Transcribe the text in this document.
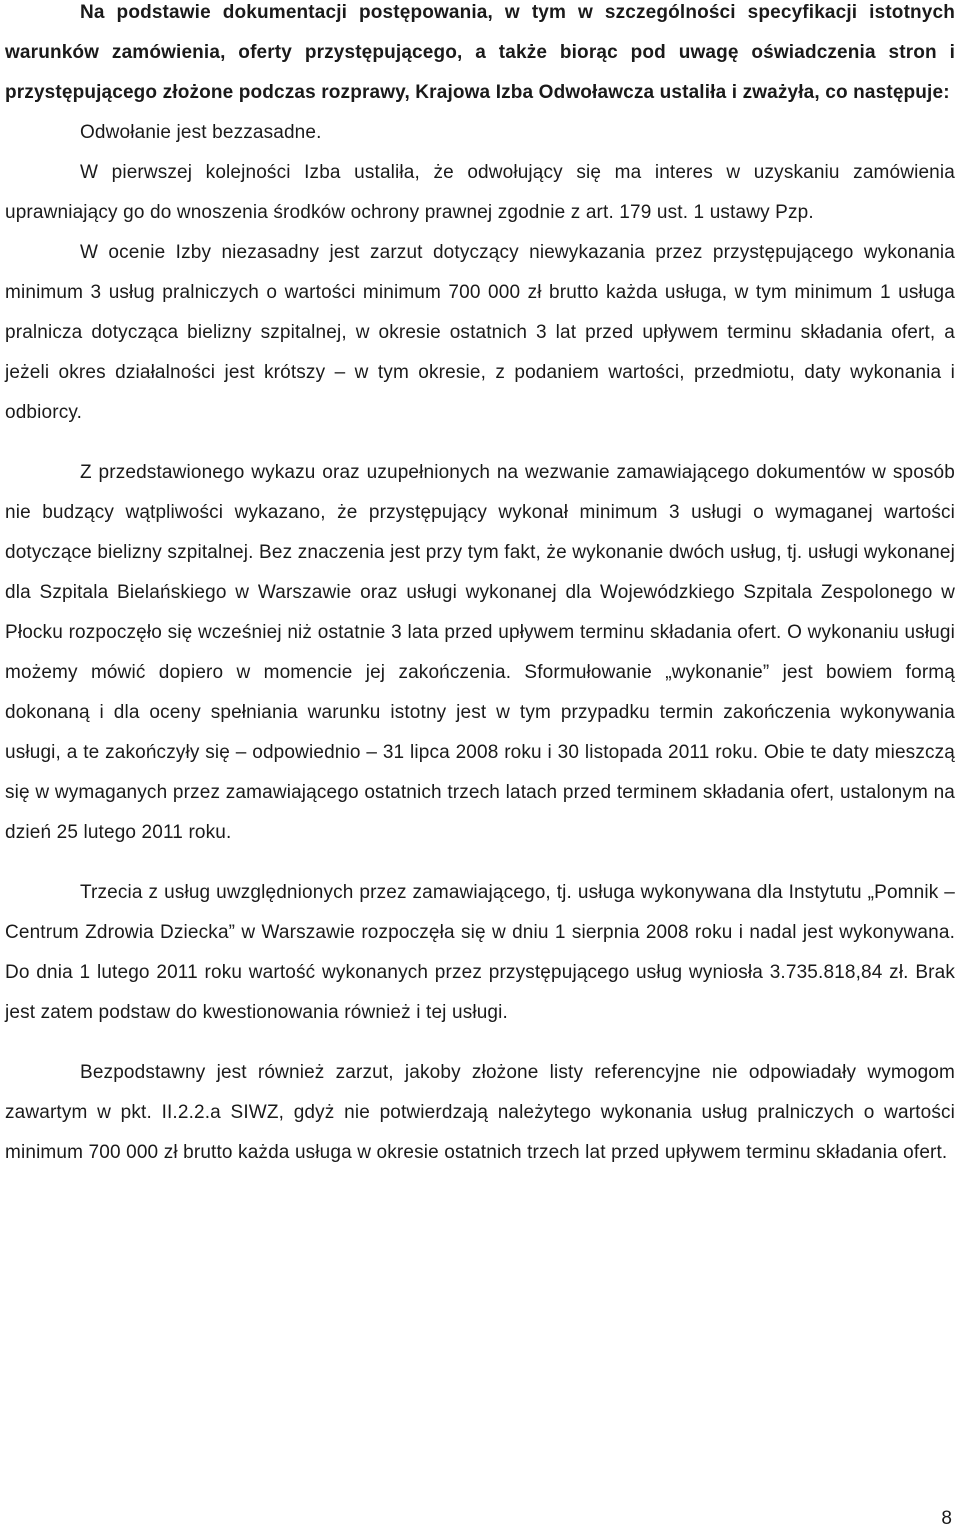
Na podstawie dokumentacji postępowania, w tym w szczególności specyfikacji istotnych warunków zamówienia, oferty przystępującego, a także biorąc pod uwagę oświadczenia stron i przystępującego złożone podczas rozprawy, Krajowa Izba Odwoławcza ustaliła i zważyła, co następuje:

Odwołanie jest bezzasadne.

W pierwszej kolejności Izba ustaliła, że odwołujący się ma interes w uzyskaniu zamówienia uprawniający go do wnoszenia środków ochrony prawnej zgodnie z art. 179 ust. 1 ustawy Pzp.

W ocenie Izby niezasadny jest zarzut dotyczący niewykazania przez przystępującego wykonania minimum 3 usług pralniczych o wartości minimum 700 000 zł brutto każda usługa, w tym minimum 1 usługa pralnicza dotycząca bielizny szpitalnej, w okresie ostatnich 3 lat przed upływem terminu składania ofert, a jeżeli okres działalności jest krótszy – w tym okresie, z podaniem wartości, przedmiotu, daty wykonania i odbiorcy.

Z przedstawionego wykazu oraz uzupełnionych na wezwanie zamawiającego dokumentów w sposób nie budzący wątpliwości wykazano, że przystępujący wykonał minimum 3 usługi o wymaganej wartości dotyczące bielizny szpitalnej. Bez znaczenia jest przy tym fakt, że wykonanie dwóch usług, tj. usługi wykonanej dla Szpitala Bielańskiego w Warszawie oraz usługi wykonanej dla Wojewódzkiego Szpitala Zespolonego w Płocku rozpoczęło się wcześniej niż ostatnie 3 lata przed upływem terminu składania ofert. O wykonaniu usługi możemy mówić dopiero w momencie jej zakończenia. Sformułowanie „wykonanie” jest bowiem formą dokonaną i dla oceny spełniania warunku istotny jest w tym przypadku termin zakończenia wykonywania usługi, a te zakończyły się – odpowiednio – 31 lipca 2008 roku i 30 listopada 2011 roku. Obie te daty mieszczą się w wymaganych przez zamawiającego ostatnich trzech latach przed terminem składania ofert, ustalonym na dzień 25 lutego 2011 roku.

Trzecia z usług uwzględnionych przez zamawiającego, tj. usługa wykonywana dla Instytutu „Pomnik – Centrum Zdrowia Dziecka” w Warszawie rozpoczęła się w dniu 1 sierpnia 2008 roku i nadal jest wykonywana. Do dnia 1 lutego 2011 roku wartość wykonanych przez przystępującego usług wyniosła 3.735.818,84 zł. Brak jest zatem podstaw do kwestionowania również i tej usługi.

Bezpodstawny jest również zarzut, jakoby złożone listy referencyjne nie odpowiadały wymogom zawartym w pkt. II.2.2.a SIWZ, gdyż nie potwierdzają należytego wykonania usług pralniczych o wartości minimum 700 000 zł brutto każda usługa w okresie ostatnich trzech lat przed upływem terminu składania ofert.

8
